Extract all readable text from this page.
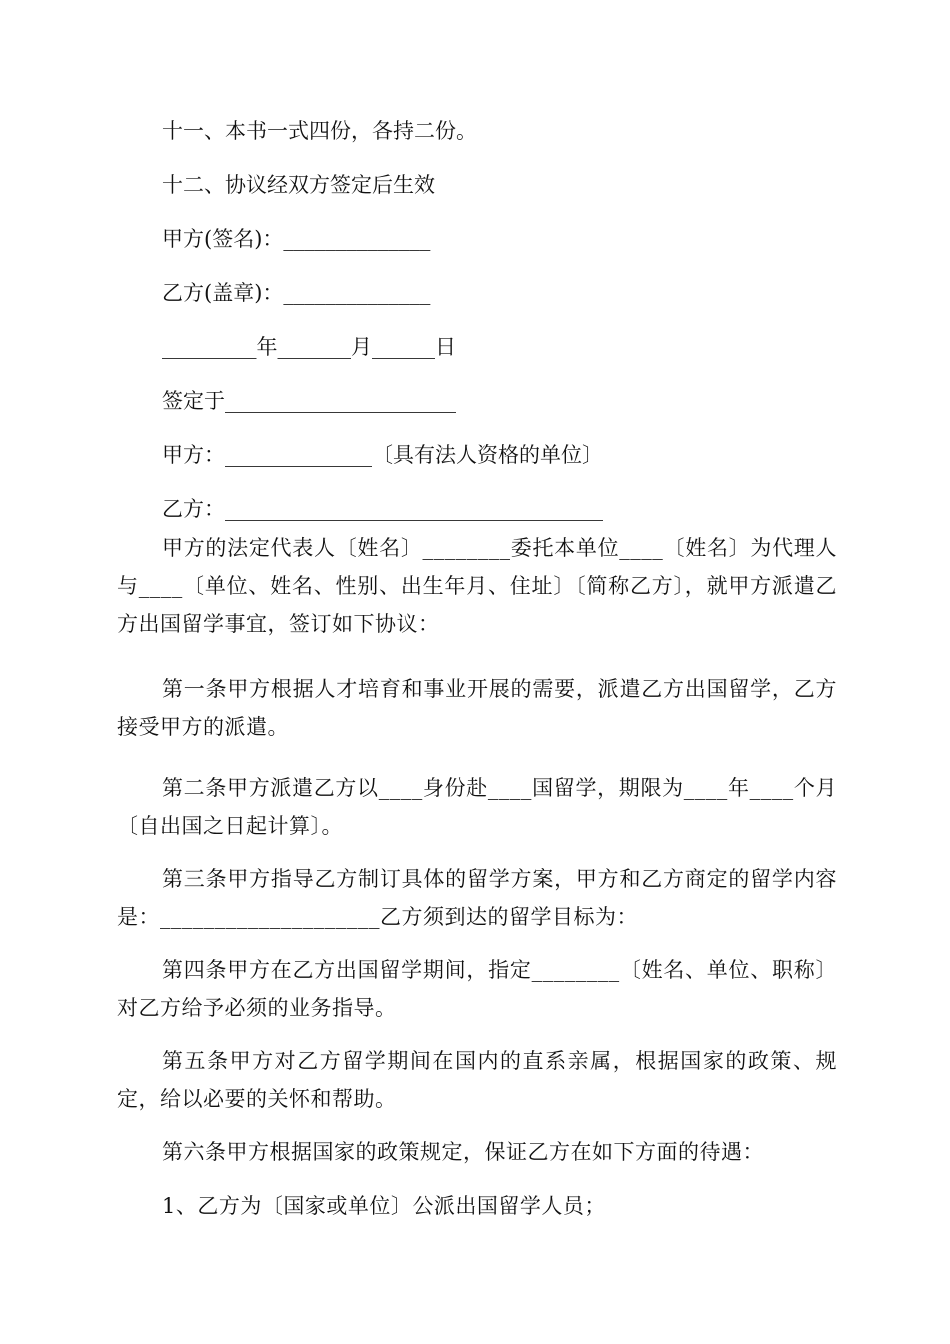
十一、本书一式四份，各持二份。
十二、协议经双方签定后生效
甲方(签名)：______________
乙方(盖章)：______________
_________年_______月______日
签定于______________________
甲方：______________〔具有法人资格的单位〕
乙方：____________________________________

甲方的法定代表人〔姓名〕________委托本单位____〔姓名〕为代理人与____〔单位、姓名、性别、出生年月、住址〕〔简称乙方〕，就甲方派遣乙方出国留学事宜，签订如下协议：

第一条甲方根据人才培育和事业开展的需要，派遣乙方出国留学，乙方接受甲方的派遣。

第二条甲方派遣乙方以____身份赴____国留学，期限为____年____个月〔自出国之日起计算〕。

第三条甲方指导乙方制订具体的留学方案，甲方和乙方商定的留学内容是：____________________乙方须到达的留学目标为：

第四条甲方在乙方出国留学期间，指定________〔姓名、单位、职称〕对乙方给予必须的业务指导。

第五条甲方对乙方留学期间在国内的直系亲属，根据国家的政策、规定，给以必要的关怀和帮助。

第六条甲方根据国家的政策规定，保证乙方在如下方面的待遇：

1、乙方为〔国家或单位〕公派出国留学人员；
